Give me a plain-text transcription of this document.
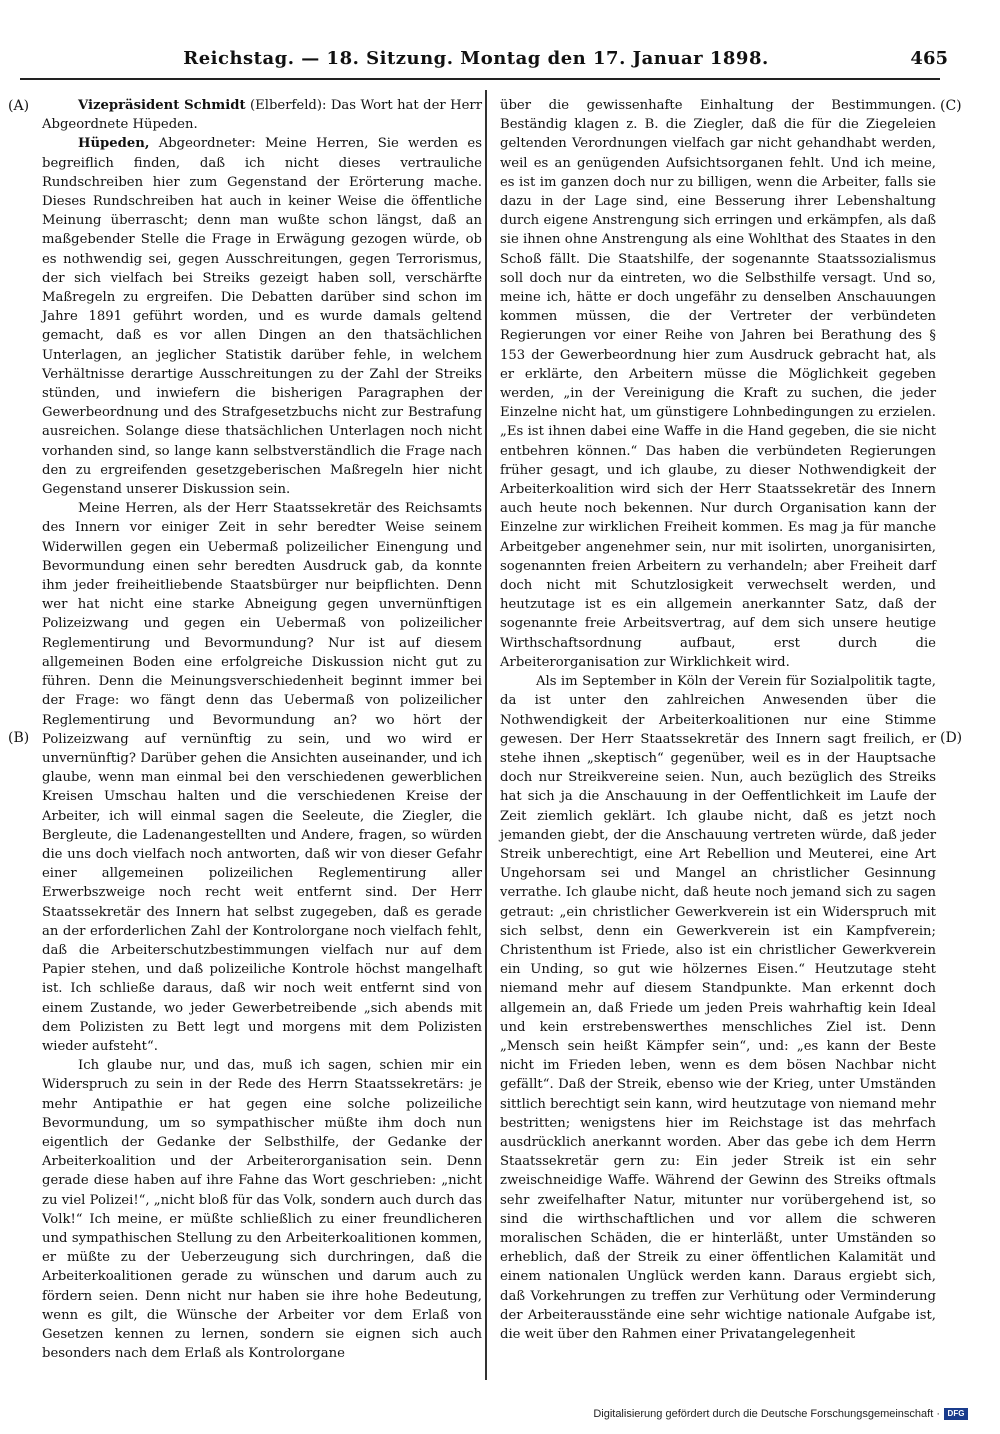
Reichstag. — 18. Sitzung. Montag den 17. Januar 1898.	465
(A)
(B)
(C)
(D)

Vizepräsident Schmidt (Elberfeld): Das Wort hat der Herr Abgeordnete Hüpeden.

Hüpeden, Abgeordneter: Meine Herren, Sie werden es begreiflich finden, daß ich nicht dieses vertrauliche Rundschreiben hier zum Gegenstand der Erörterung mache. Dieses Rundschreiben hat auch in keiner Weise die öffentliche Meinung überrascht; denn man wußte schon längst, daß an maßgebender Stelle die Frage in Erwägung gezogen würde, ob es nothwendig sei, gegen Ausschreitungen, gegen Terrorismus, der sich vielfach bei Streiks gezeigt haben soll, verschärfte Maßregeln zu ergreifen. Die Debatten darüber sind schon im Jahre 1891 geführt worden, und es wurde damals geltend gemacht, daß es vor allen Dingen an den thatsächlichen Unterlagen, an jeglicher Statistik darüber fehle, in welchem Verhältnisse derartige Ausschreitungen zu der Zahl der Streiks stünden, und inwiefern die bisherigen Paragraphen der Gewerbeordnung und des Strafgesetzbuchs nicht zur Bestrafung ausreichen. Solange diese thatsächlichen Unterlagen noch nicht vorhanden sind, so lange kann selbstverständlich die Frage nach den zu ergreifenden gesetzgeberischen Maßregeln hier nicht Gegenstand unserer Diskussion sein.

Meine Herren, als der Herr Staatssekretär des Reichsamts des Innern vor einiger Zeit in sehr beredter Weise seinem Widerwillen gegen ein Uebermaß polizeilicher Einengung und Bevormundung einen sehr beredten Ausdruck gab, da konnte ihm jeder freiheitliebende Staatsbürger nur beipflichten. Denn wer hat nicht eine starke Abneigung gegen unvernünftigen Polizeizwang und gegen ein Uebermaß von polizeilicher Reglementirung und Bevormundung? Nur ist auf diesem allgemeinen Boden eine erfolgreiche Diskussion nicht gut zu führen. Denn die Meinungsverschiedenheit beginnt immer bei der Frage: wo fängt denn das Uebermaß von polizeilicher Reglementirung und Bevormundung an? wo hört der Polizeizwang auf vernünftig zu sein, und wo wird er unvernünftig? Darüber gehen die Ansichten auseinander, und ich glaube, wenn man einmal bei den verschiedenen gewerblichen Kreisen Umschau halten und die verschiedenen Kreise der Arbeiter, ich will einmal sagen die Seeleute, die Ziegler, die Bergleute, die Ladenangestellten und Andere, fragen, so würden die uns doch vielfach noch antworten, daß wir von dieser Gefahr einer allgemeinen polizeilichen Reglementirung aller Erwerbszweige noch recht weit entfernt sind. Der Herr Staatssekretär des Innern hat selbst zugegeben, daß es gerade an der erforderlichen Zahl der Kontrolorgane noch vielfach fehlt, daß die Arbeiterschutzbestimmungen vielfach nur auf dem Papier stehen, und daß polizeiliche Kontrole höchst mangelhaft ist. Ich schließe daraus, daß wir noch weit entfernt sind von einem Zustande, wo jeder Gewerbetreibende „sich abends mit dem Polizisten zu Bett legt und morgens mit dem Polizisten wieder aufsteht“.

Ich glaube nur, und das, muß ich sagen, schien mir ein Widerspruch zu sein in der Rede des Herrn Staatssekretärs: je mehr Antipathie er hat gegen eine solche polizeiliche Bevormundung, um so sympathischer müßte ihm doch nun eigentlich der Gedanke der Selbsthilfe, der Gedanke der Arbeiterkoalition und der Arbeiterorganisation sein. Denn gerade diese haben auf ihre Fahne das Wort geschrieben: „nicht zu viel Polizei!“, „nicht bloß für das Volk, sondern auch durch das Volk!“ Ich meine, er müßte schließlich zu einer freundlicheren und sympathischen Stellung zu den Arbeiterkoalitionen kommen, er müßte zu der Ueberzeugung sich durchringen, daß die Arbeiterkoalitionen gerade zu wünschen und darum auch zu fördern seien. Denn nicht nur haben sie ihre hohe Bedeutung, wenn es gilt, die Wünsche der Arbeiter vor dem Erlaß von Gesetzen kennen zu lernen, sondern sie eignen sich auch besonders nach dem Erlaß als Kontrolorgane

über die gewissenhafte Einhaltung der Bestimmungen. Beständig klagen z. B. die Ziegler, daß die für die Ziegeleien geltenden Verordnungen vielfach gar nicht gehandhabt werden, weil es an genügenden Aufsichtsorganen fehlt. Und ich meine, es ist im ganzen doch nur zu billigen, wenn die Arbeiter, falls sie dazu in der Lage sind, eine Besserung ihrer Lebenshaltung durch eigene Anstrengung sich erringen und erkämpfen, als daß sie ihnen ohne Anstrengung als eine Wohlthat des Staates in den Schoß fällt. Die Staatshilfe, der sogenannte Staatssozialismus soll doch nur da eintreten, wo die Selbsthilfe versagt. Und so, meine ich, hätte er doch ungefähr zu denselben Anschauungen kommen müssen, die der Vertreter der verbündeten Regierungen vor einer Reihe von Jahren bei Berathung des § 153 der Gewerbeordnung hier zum Ausdruck gebracht hat, als er erklärte, den Arbeitern müsse die Möglichkeit gegeben werden, „in der Vereinigung die Kraft zu suchen, die jeder Einzelne nicht hat, um günstigere Lohnbedingungen zu erzielen. „Es ist ihnen dabei eine Waffe in die Hand gegeben, die sie nicht entbehren können.“ Das haben die verbündeten Regierungen früher gesagt, und ich glaube, zu dieser Nothwendigkeit der Arbeiterkoalition wird sich der Herr Staatssekretär des Innern auch heute noch bekennen. Nur durch Organisation kann der Einzelne zur wirklichen Freiheit kommen. Es mag ja für manche Arbeitgeber angenehmer sein, nur mit isolirten, unorganisirten, sogenannten freien Arbeitern zu verhandeln; aber Freiheit darf doch nicht mit Schutzlosigkeit verwechselt werden, und heutzutage ist es ein allgemein anerkannter Satz, daß der sogenannte freie Arbeitsvertrag, auf dem sich unsere heutige Wirthschaftsordnung aufbaut, erst durch die Arbeiterorganisation zur Wirklichkeit wird.

Als im September in Köln der Verein für Sozialpolitik tagte, da ist unter den zahlreichen Anwesenden über die Nothwendigkeit der Arbeiterkoalitionen nur eine Stimme gewesen. Der Herr Staatssekretär des Innern sagt freilich, er stehe ihnen „skeptisch“ gegenüber, weil es in der Hauptsache doch nur Streikvereine seien. Nun, auch bezüglich des Streiks hat sich ja die Anschauung in der Oeffentlichkeit im Laufe der Zeit ziemlich geklärt. Ich glaube nicht, daß es jetzt noch jemanden giebt, der die Anschauung vertreten würde, daß jeder Streik unberechtigt, eine Art Rebellion und Meuterei, eine Art Ungehorsam sei und Mangel an christlicher Gesinnung verrathe. Ich glaube nicht, daß heute noch jemand sich zu sagen getraut: „ein christlicher Gewerkverein ist ein Widerspruch mit sich selbst, denn ein Gewerkverein ist ein Kampfverein; Christenthum ist Friede, also ist ein christlicher Gewerkverein ein Unding, so gut wie hölzernes Eisen.“ Heutzutage steht niemand mehr auf diesem Standpunkte. Man erkennt doch allgemein an, daß Friede um jeden Preis wahrhaftig kein Ideal und kein erstrebenswerthes menschliches Ziel ist. Denn „Mensch sein heißt Kämpfer sein“, und: „es kann der Beste nicht im Frieden leben, wenn es dem bösen Nachbar nicht gefällt“. Daß der Streik, ebenso wie der Krieg, unter Umständen sittlich berechtigt sein kann, wird heutzutage von niemand mehr bestritten; wenigstens hier im Reichstage ist das mehrfach ausdrücklich anerkannt worden. Aber das gebe ich dem Herrn Staatssekretär gern zu: Ein jeder Streik ist ein sehr zweischneidige Waffe. Während der Gewinn des Streiks oftmals sehr zweifelhafter Natur, mitunter nur vorübergehend ist, so sind die wirthschaftlichen und vor allem die schweren moralischen Schäden, die er hinterläßt, unter Umständen so erheblich, daß der Streik zu einer öffentlichen Kalamität und einem nationalen Unglück werden kann. Daraus ergiebt sich, daß Vorkehrungen zu treffen zur Verhütung oder Verminderung der Arbeiterausstände eine sehr wichtige nationale Aufgabe ist, die weit über den Rahmen einer Privatangelegenheit

Digitalisierung gefördert durch die Deutsche Forschungsgemeinschaft · DFG
